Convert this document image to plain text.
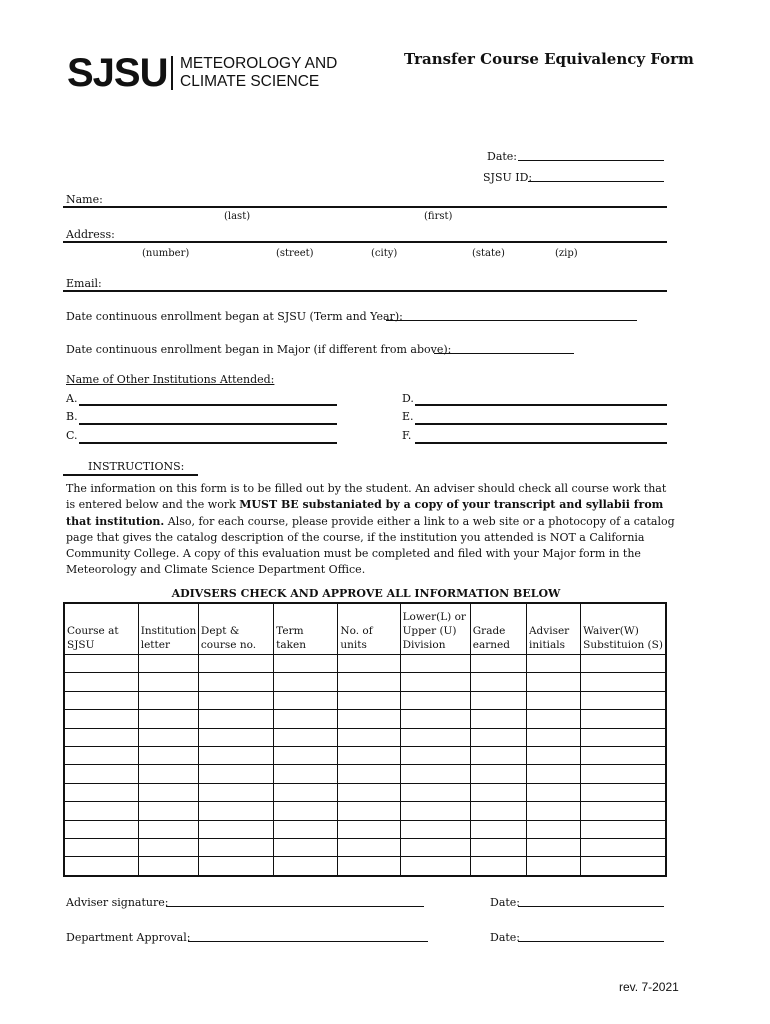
SJSU METEOROLOGY AND
CLIMATE SCIENCE
Transfer Course Equivalency Form
Date:
SJSU ID:
Name:
(last)	(first)
Address:
(number)	(street)	(city)	(state)	(zip)
Email:
Date continuous enrollment began at SJSU (Term and Year):
Date continuous enrollment began in Major (if different from above):
Name of Other Institutions Attended:
A.
B.
C.
D.
E.
F.
INSTRUCTIONS:
The information on this form is to be filled out by the student. An adviser should check all course work that is entered below and the work MUST BE substaniated by a copy of your transcript and syllabii from that institution. Also, for each course, please provide either a link to a web site or a photocopy of a catalog page that gives the catalog description of the course, if the institution you attended is NOT a California Community College. A copy of this evaluation must be completed and filed with your Major form in the Meteorology and Climate Science Department Office.
ADIVSERS CHECK AND APPROVE ALL INFORMATION BELOW
Course at SJSU	Institution letter	Dept & course no.	Term taken	No. of units	Lower(L) or Upper (U) Division	Grade earned	Adviser initials	Waiver(W) Substituion (S)

Adviser signature:	Date:
Department Approval:	Date:
rev. 7-2021
